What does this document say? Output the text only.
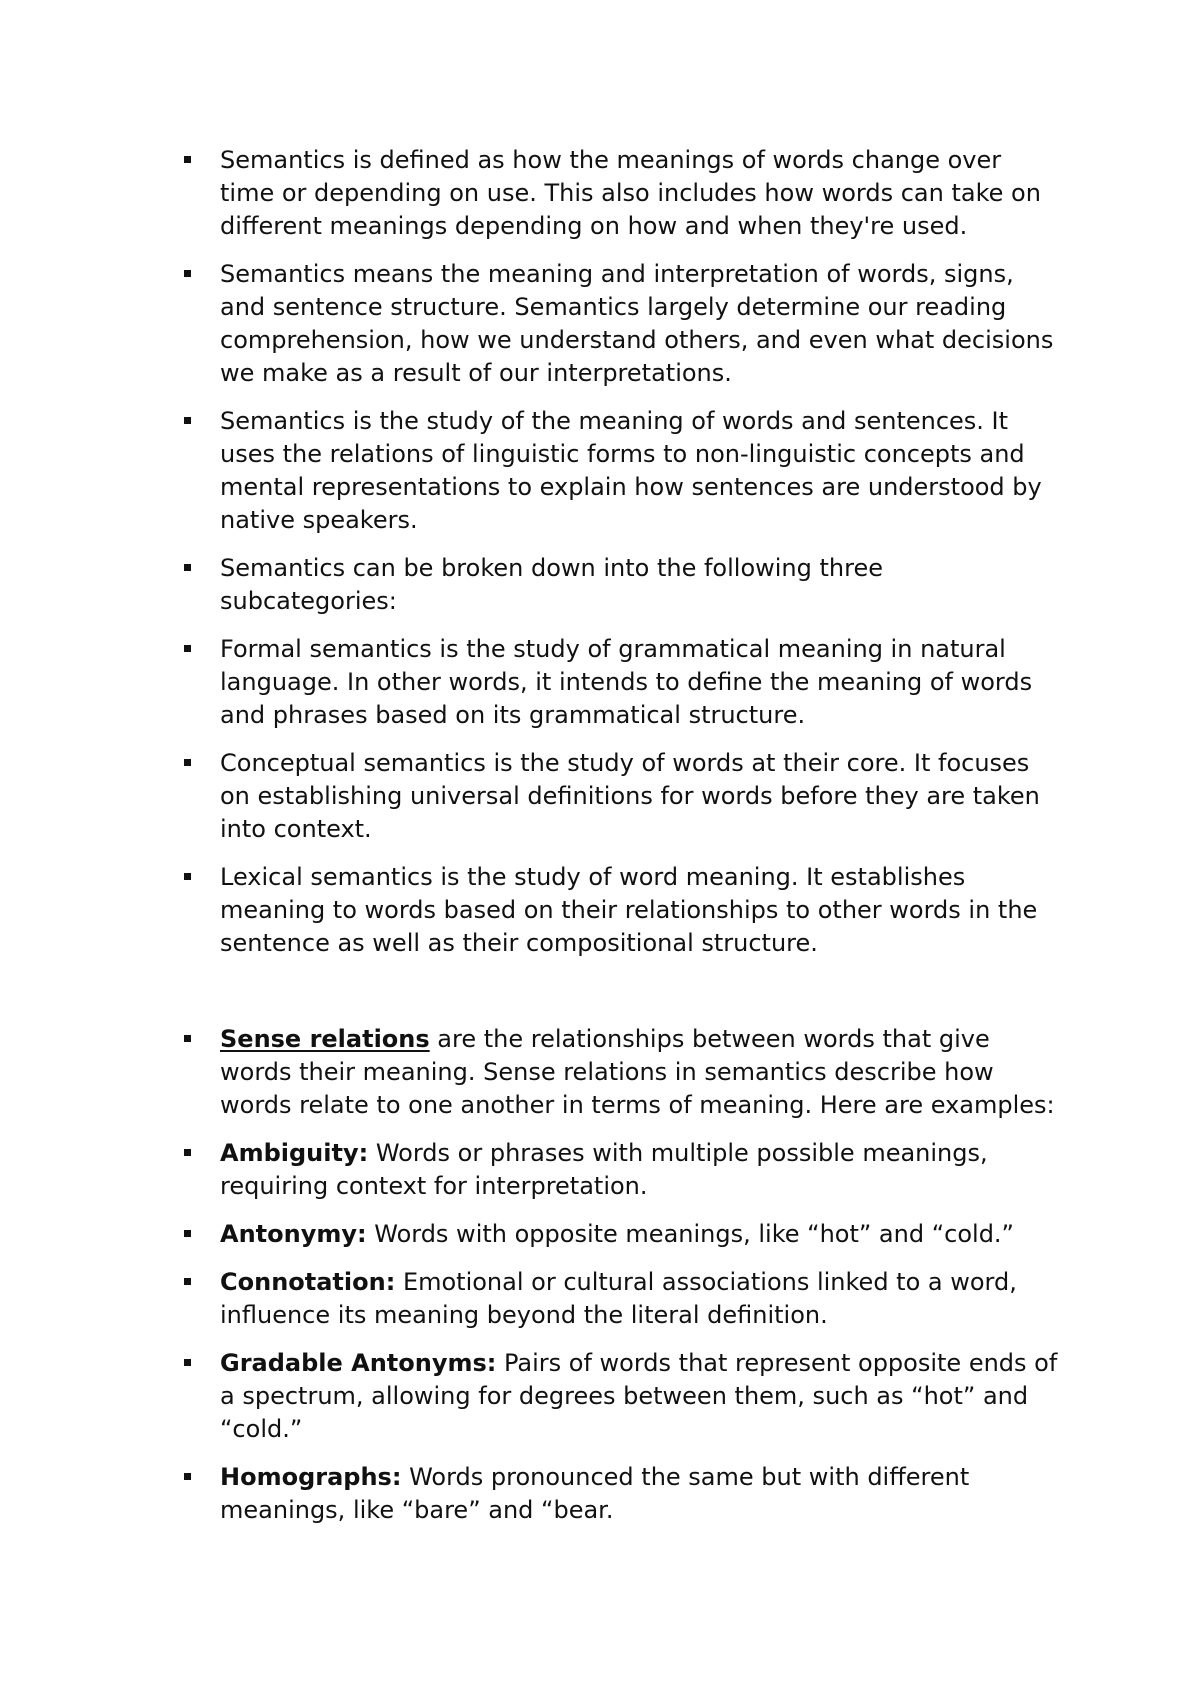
Semantics is defined as how the meanings of words change over time or depending on use. This also includes how words can take on different meanings depending on how and when they're used.
Semantics means the meaning and interpretation of words, signs, and sentence structure. Semantics largely determine our reading comprehension, how we understand others, and even what decisions we make as a result of our interpretations.
Semantics is the study of the meaning of words and sentences. It uses the relations of linguistic forms to non-linguistic concepts and mental representations to explain how sentences are understood by native speakers.
Semantics can be broken down into the following three subcategories:
Formal semantics is the study of grammatical meaning in natural language. In other words, it intends to define the meaning of words and phrases based on its grammatical structure.
Conceptual semantics is the study of words at their core. It focuses on establishing universal definitions for words before they are taken into context.
Lexical semantics is the study of word meaning. It establishes meaning to words based on their relationships to other words in the sentence as well as their compositional structure.
Sense relations are the relationships between words that give words their meaning. Sense relations in semantics describe how words relate to one another in terms of meaning. Here are examples:
Ambiguity: Words or phrases with multiple possible meanings, requiring context for interpretation.
Antonymy: Words with opposite meanings, like “hot” and “cold.”
Connotation: Emotional or cultural associations linked to a word, influence its meaning beyond the literal definition.
Gradable Antonyms: Pairs of words that represent opposite ends of a spectrum, allowing for degrees between them, such as “hot” and “cold.”
Homographs: Words pronounced the same but with different meanings, like “bare” and “bear.
